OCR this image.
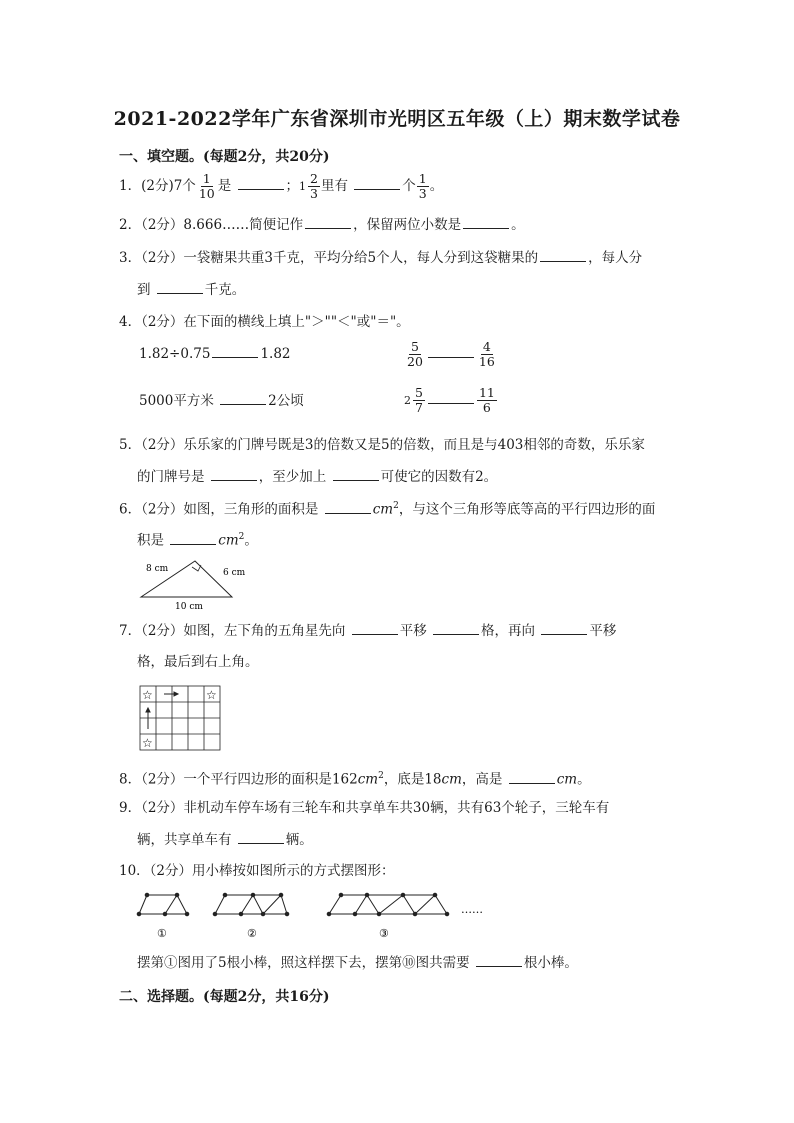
2021-2022学年广东省深圳市光明区五年级（上）期末数学试卷
一、填空题。(每题2分，共20分)
1．(2分)7个 $\frac{1}{10}$ 是	； $1 \frac{2}{3}$ 里有	个 $\frac{1}{3}$ 。
2．（2分）8.666……简便记作	，保留两位小数是	。
3．（2分）一袋糖果共重3千克，平均分给5个人，每人分到这袋糖果的	，每人分
到	千克。
4．（2分）在下面的横线上填上"＞""＜"或"＝"。
1.82÷0.75	1.82	$\frac{5}{20}$	$\frac{4}{16}$
5000平方米	2公顷	$2 \frac{5}{7}$	$\frac{11}{6}$
5．（2分）乐乐家的门牌号既是3的倍数又是5的倍数，而且是与403相邻的奇数，乐乐家
的门牌号是	，至少加上	可使它的因数有2。
6．（2分）如图，三角形的面积是	$cm^2$，与这个三角形等底等高的平行四边形的面
积是	$cm^2$。
8 cm	6 cm
10 cm
7．（2分）如图，左下角的五角星先向	平移	格，再向	平移
格，最后到右上角。
☆	☆
☆
8．（2分）一个平行四边形的面积是$162cm^2$，底是18cm，高是	cm。
9．（2分）非机动车停车场有三轮车和共享单车共30辆，共有63个轮子，三轮车有
辆，共享单车有	辆。
10．（2分）用小棒按如图所示的方式摆图形：
①	②	③
……
摆第①图用了5根小棒，照这样摆下去，摆第⑩图共需要	根小棒。
二、选择题。(每题2分，共16分)
